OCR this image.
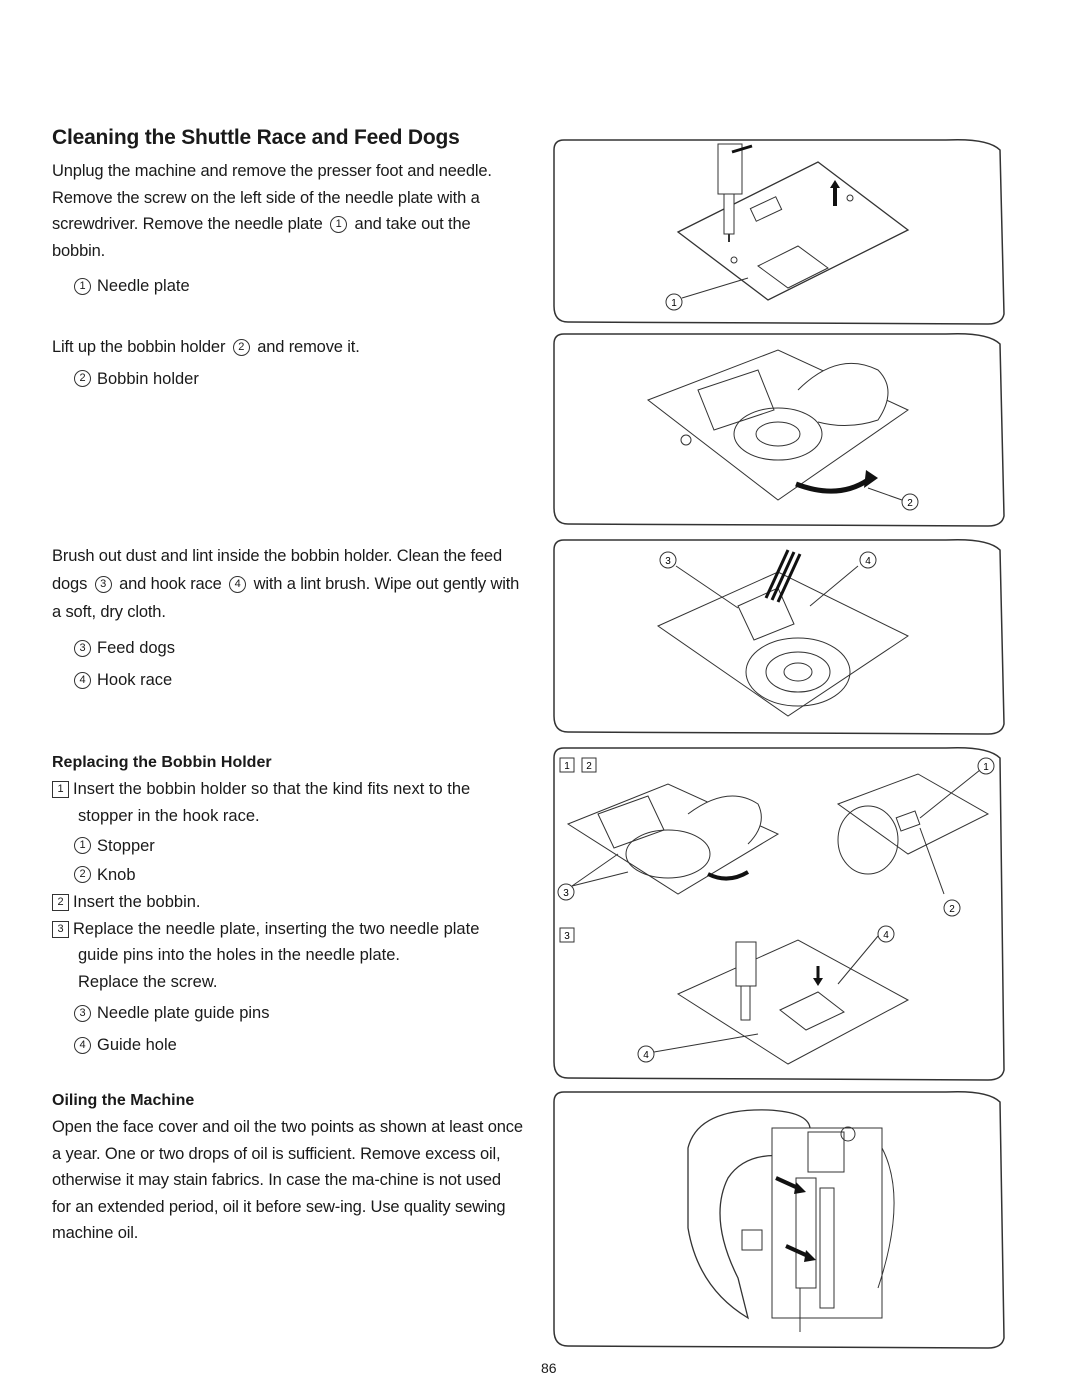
Cleaning the Shuttle Race and Feed Dogs

Unplug the machine and remove the presser foot and needle. Remove the screw on the left side of the needle plate with a screwdriver. Remove the needle plate 1 and take out the bobbin.

1 Needle plate

Lift up the bobbin holder 2 and remove it.

2 Bobbin holder

Brush out dust and lint inside the bobbin holder. Clean the feed dogs 3 and hook race 4 with a lint brush. Wipe out gently with a soft, dry cloth.

3 Feed dogs
4 Hook race
Replacing the Bobbin Holder
1 Insert the bobbin holder so that the kind fits next to the
stopper in the hook race.
1 Stopper
2 Knob
2 Insert the bobbin.
3 Replace the needle plate, inserting the two needle plate
guide pins into the holes in the needle plate.
Replace the screw.
3 Needle plate guide pins
4 Guide hole
Oiling the Machine

Open the face cover and oil the two points as shown at least once a year. One or two drops of oil is sufficient. Remove excess oil, otherwise it may stain fabrics. In case the ma-chine is not used for an extended period, oil it before sew-ing. Use quality sewing machine oil.

1
2
3	4
1 2
3
1
2
3
4
4
86
